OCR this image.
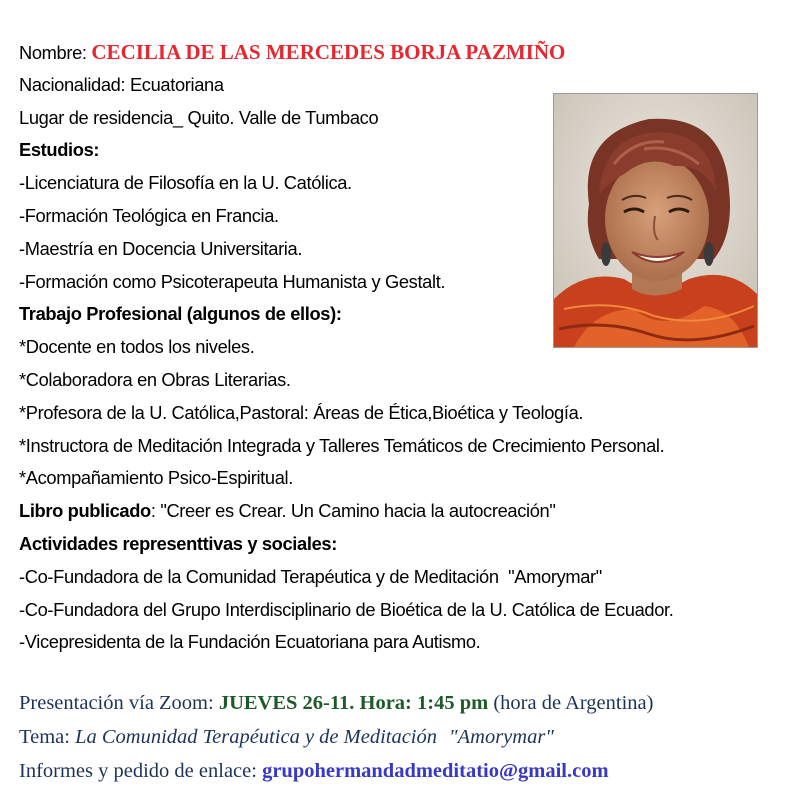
Nombre: CECILIA DE LAS MERCEDES BORJA PAZMIÑO
Nacionalidad: Ecuatoriana
Lugar de residencia_ Quito. Valle de Tumbaco
Estudios:
-Licenciatura de Filosofía en la U. Católica.
-Formación Teológica en Francia.
-Maestría en Docencia Universitaria.
-Formación como Psicoterapeuta Humanista y Gestalt.
Trabajo Profesional (algunos de ellos):
*Docente en todos los niveles.
*Colaboradora en Obras Literarias.
*Profesora de la U. Católica,Pastoral: Áreas de Ética,Bioética y Teología.
*Instructora de Meditación Integrada y Talleres Temáticos de Crecimiento Personal.
*Acompañamiento Psico-Espiritual.
Libro publicado: "Creer es Crear. Un Camino hacia la autocreación"
Actividades representtivas y sociales:
-Co-Fundadora de la Comunidad Terapéutica y de Meditación  "Amorymar"
-Co-Fundadora del Grupo Interdisciplinario de Bioética de la U. Católica de Ecuador.
-Vicepresidenta de la Fundación Ecuatoriana para Autismo.
Presentación vía Zoom: JUEVES 26-11. Hora: 1:45 pm (hora de Argentina)
Tema: La Comunidad Terapéutica y de Meditación "Amorymar"
Informes y pedido de enlace: grupohermandadmeditatio@gmail.com
